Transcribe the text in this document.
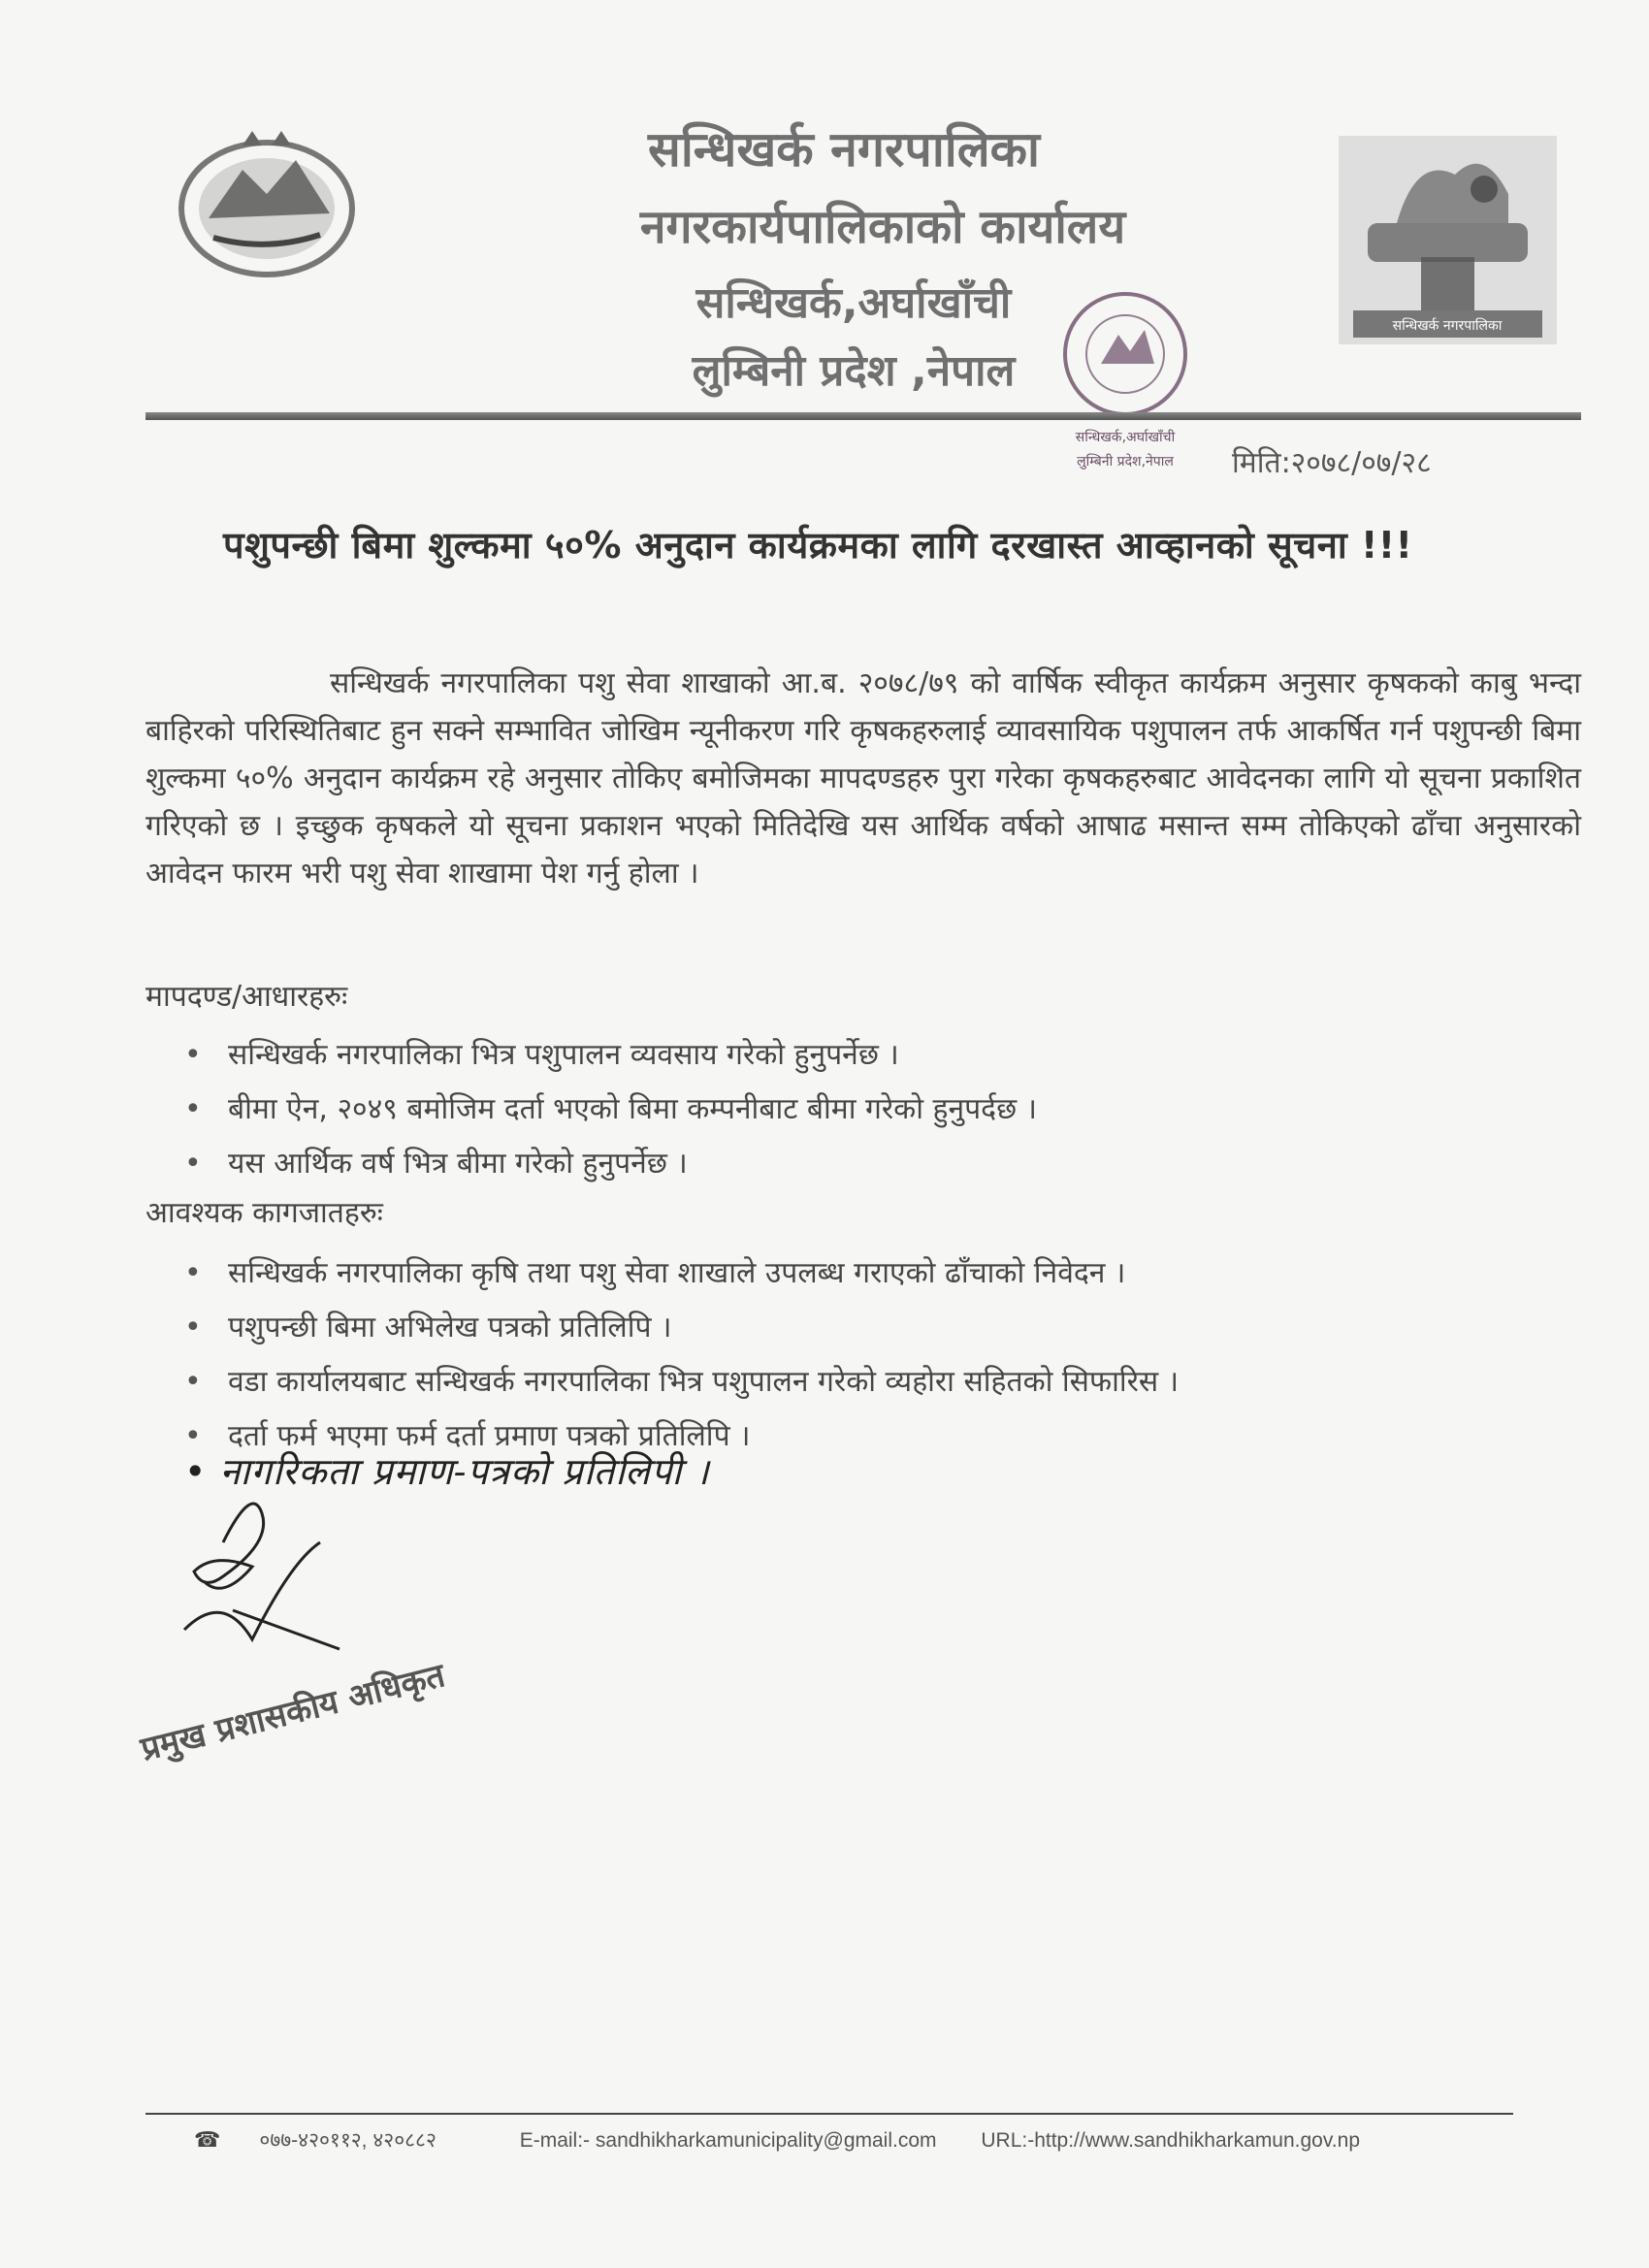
सन्धिखर्क नगरपालिका
नगरकार्यपालिकाको कार्यालय
सन्धिखर्क,अर्घाखाँची
लुम्बिनी प्रदेश ,नेपाल
सन्धिखर्क नगरपालिका
सन्धिखर्क,अर्घाखाँची
लुम्बिनी प्रदेश,नेपाल मिति:२०७८/०७/२८
पशुपन्छी बिमा शुल्कमा ५०% अनुदान कार्यक्रमका लागि दरखास्त आव्हानको सूचना !!!
सन्धिखर्क नगरपालिका पशु सेवा शाखाको आ.ब. २०७८/७९ को वार्षिक स्वीकृत कार्यक्रम अनुसार कृषकको काबु भन्दा बाहिरको परिस्थितिबाट हुन सक्ने सम्भावित जोखिम न्यूनीकरण गरि कृषकहरुलाई व्यावसायिक पशुपालन तर्फ आकर्षित गर्न पशुपन्छी बिमा शुल्कमा ५०% अनुदान कार्यक्रम रहे अनुसार तोकिए बमोजिमका मापदण्डहरु पुरा गरेका कृषकहरुबाट आवेदनका लागि यो सूचना प्रकाशित गरिएको छ । इच्छुक कृषकले यो सूचना प्रकाशन भएको मितिदेखि यस आर्थिक वर्षको आषाढ मसान्त सम्म तोकिएको ढाँचा अनुसारको आवेदन फारम भरी पशु सेवा शाखामा पेश गर्नु होला ।
मापदण्ड/आधारहरुः
• सन्धिखर्क नगरपालिका भित्र पशुपालन व्यवसाय गरेको हुनुपर्नेछ ।
• बीमा ऐन, २०४९ बमोजिम दर्ता भएको बिमा कम्पनीबाट बीमा गरेको हुनुपर्दछ ।
• यस आर्थिक वर्ष भित्र बीमा गरेको हुनुपर्नेछ ।
आवश्यक कागजातहरुः
• सन्धिखर्क नगरपालिका कृषि तथा पशु सेवा शाखाले उपलब्ध गराएको ढाँचाको निवेदन ।
• पशुपन्छी बिमा अभिलेख पत्रको प्रतिलिपि ।
• वडा कार्यालयबाट सन्धिखर्क नगरपालिका भित्र पशुपालन गरेको व्यहोरा सहितको सिफारिस ।
• दर्ता फर्म भएमा फर्म दर्ता प्रमाण पत्रको प्रतिलिपि ।
• नागरिकता प्रमाण-पत्रको प्रतिलिपी ।
प्रमुख प्रशासकीय अधिकृत
☎ ०७७-४२०११२, ४२०८८२	E-mail:- sandhikharkamunicipality@gmail.com URL:-http://www.sandhikharkamun.gov.np
